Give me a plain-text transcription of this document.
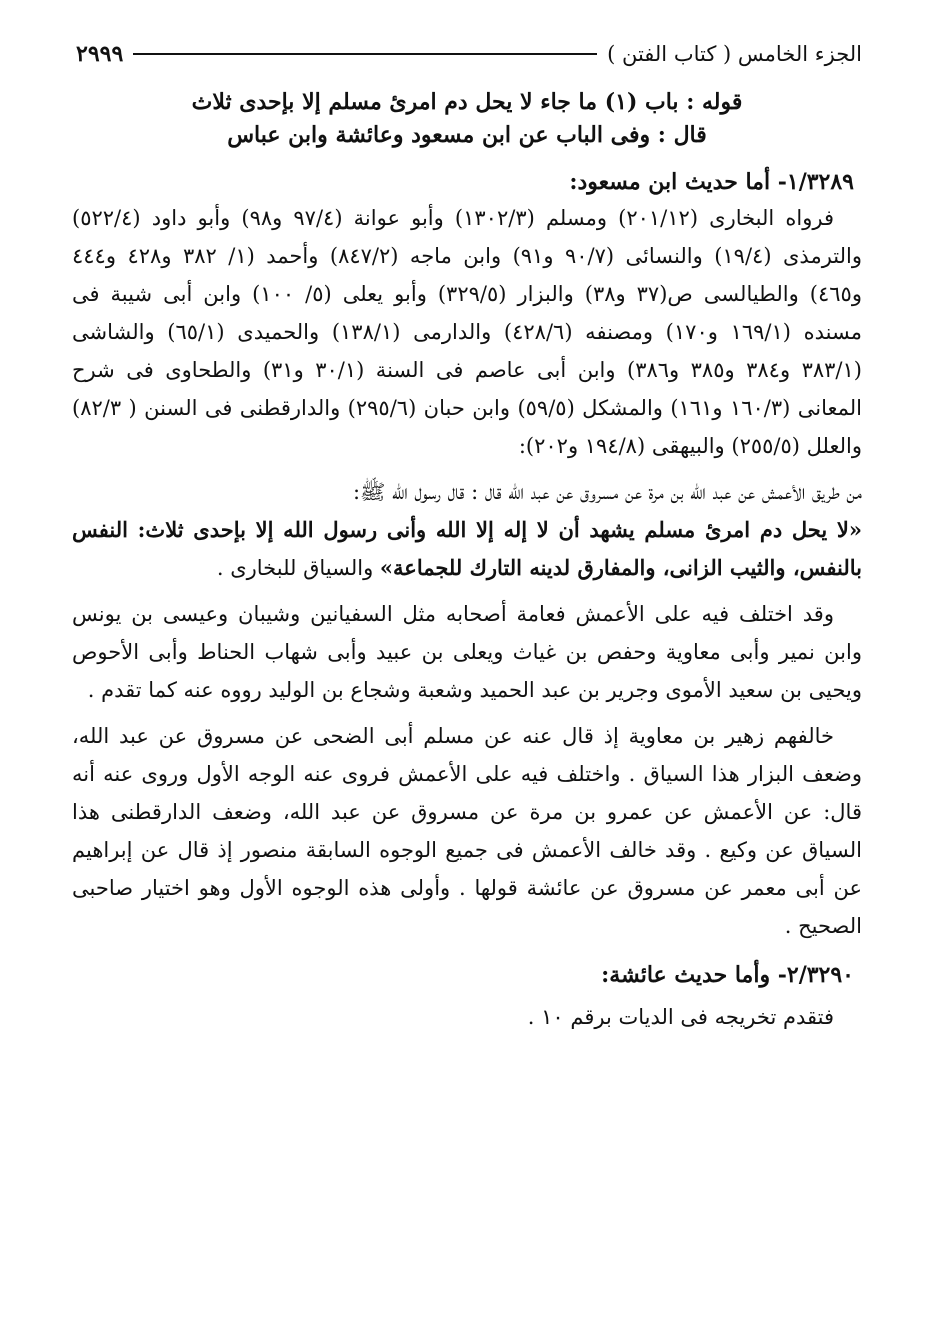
الجزء الخامس ( كتاب الفتن )
٢٩٩٩
قوله : باب (١) ما جاء لا يحل دم امرئ مسلم إلا بإحدى ثلاث
قال : وفى الباب عن ابن مسعود وعائشة وابن عباس
١/٣٢٨٩- أما حديث ابن مسعود:

فرواه البخارى (٢٠١/١٢) ومسلم (١٣٠٢/٣) وأبو عوانة (٩٧/٤ و٩٨) وأبو داود (٥٢٢/٤) والترمذى (١٩/٤) والنسائى (٩٠/٧ و٩١) وابن ماجه (٨٤٧/٢) وأحمد (١/ ٣٨٢ و٤٢٨ و٤٤٤ و٤٦٥) والطيالسى ص(٣٧ و٣٨) والبزار (٣٢٩/٥) وأبو يعلى (٥/ ١٠٠) وابن أبى شيبة فى مسنده (١٦٩/١ و١٧٠) ومصنفه (٤٢٨/٦) والدارمى (١٣٨/١) والحميدى (٦٥/١) والشاشى (٣٨٣/١ و٣٨٤ و٣٨٥ و٣٨٦) وابن أبى عاصم فى السنة (٣٠/١ و٣١) والطحاوى فى شرح المعانى (١٦٠/٣ و١٦١) والمشكل (٥٩/٥) وابن حبان (٢٩٥/٦) والدارقطنى فى السنن ( ٨٢/٣) والعلل (٢٥٥/٥) والبيهقى (١٩٤/٨ و٢٠٢):

من طريق الأعمش عن عبد الله بن مرة عن مسروق عن عبد الله قال : قال رسول الله ﷺ:

«لا يحل دم امرئ مسلم يشهد أن لا إله إلا الله وأنى رسول الله إلا بإحدى ثلاث: النفس بالنفس، والثيب الزانى، والمفارق لدينه التارك للجماعة» والسياق للبخارى .

وقد اختلف فيه على الأعمش فعامة أصحابه مثل السفيانين وشيبان وعيسى بن يونس وابن نمير وأبى معاوية وحفص بن غياث ويعلى بن عبيد وأبى شهاب الحناط وأبى الأحوص ويحيى بن سعيد الأموى وجرير بن عبد الحميد وشعبة وشجاع بن الوليد رووه عنه كما تقدم .

خالفهم زهير بن معاوية إذ قال عنه عن مسلم أبى الضحى عن مسروق عن عبد الله، وضعف البزار هذا السياق . واختلف فيه على الأعمش فروى عنه الوجه الأول وروى عنه أنه قال: عن الأعمش عن عمرو بن مرة عن مسروق عن عبد الله، وضعف الدارقطنى هذا السياق عن وكيع . وقد خالف الأعمش فى جميع الوجوه السابقة منصور إذ قال عن إبراهيم عن أبى معمر عن مسروق عن عائشة قولها . وأولى هذه الوجوه الأول وهو اختيار صاحبى الصحيح .

٢/٣٢٩٠- وأما حديث عائشة:

فتقدم تخريجه فى الديات برقم ١٠ .
